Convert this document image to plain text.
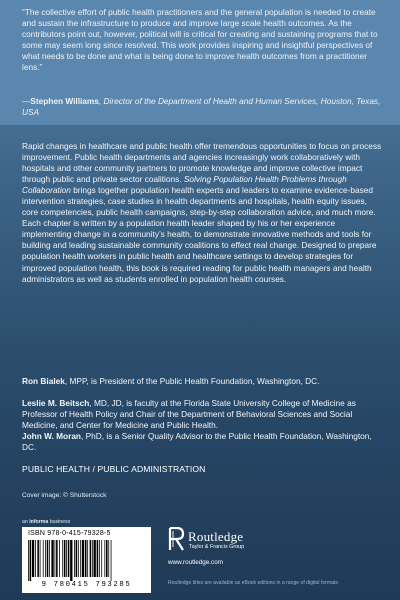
“The collective effort of public health practitioners and the general population is needed to create and sustain the infrastructure to produce and improve large scale health outcomes. As the contributors point out, however, political will is critical for creating and sustaining programs that to some may seem long since resolved. This work provides inspiring and insightful perspectives of what needs to be done and what is being done to improve health outcomes from a practitioner lens.”

—Stephen Williams, Director of the Department of Health and Human Services, Houston, Texas, USA

Rapid changes in healthcare and public health offer tremendous opportunities to focus on process improvement. Public health departments and agencies increasingly work collaboratively with hospitals and other community partners to promote knowledge and improve collective impact through public and private sector coalitions. Solving Population Health Problems through Collaboration brings together population health experts and leaders to examine evidence-based intervention strategies, case studies in health departments and hospitals, health equity issues, core competencies, public health campaigns, step-by-step collaboration advice, and much more. Each chapter is written by a population health leader shaped by his or her experience implementing change in a community’s health, to demonstrate innovative methods and tools for building and leading sustainable community coalitions to effect real change. Designed to prepare population health workers in public health and healthcare settings to develop strategies for improved population health, this book is required reading for public health managers and health administrators as well as students enrolled in population health courses.

Ron Bialek, MPP, is President of the Public Health Foundation, Washington, DC.

Leslie M. Beitsch, MD, JD, is faculty at the Florida State University College of Medicine as Professor of Health Policy and Chair of the Department of Behavioral Sciences and Social Medicine, and Center for Medicine and Public Health.

John W. Moran, PhD, is a Senior Quality Advisor to the Public Health Foundation, Washington, DC.

PUBLIC HEALTH / PUBLIC ADMINISTRATION
Cover image: © Shutterstock
an informa business
ISBN 978-0-415-79328-5
9 780415 793285
Routledge
Taylor & Francis Group
www.routledge.com
Routledge titles are available as eBook editions in a range of digital formats
